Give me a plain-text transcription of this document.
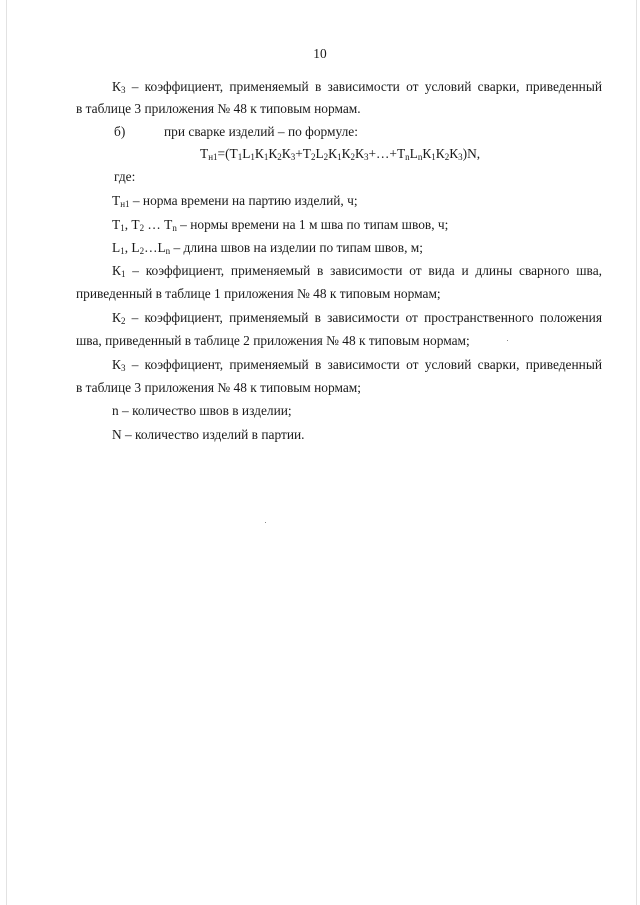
10
$К_3$ – коэффициент, применяемый в зависимости от условий сварки, приведенный
в таблице 3 приложения № 48 к типовым нормам.
б)	при сварке изделий – по формуле:
$Т_{н1}=(Т_1L_1К_1К_2К_3+Т_2L_2К_1К_2К_3+\dots+Т_nL_nК_1К_2К_3)N$,
где:
$Т_{н1}$ – норма времени на партию изделий, ч;
$Т_1$, $Т_2$ … $Т_n$ – нормы времени на 1 м шва по типам швов, ч;
$L_1$, $L_2\dots L_n$ – длина швов на изделии по типам швов, м;
$К_1$ – коэффициент, применяемый в зависимости от вида и длины сварного шва,
приведенный в таблице 1 приложения № 48 к типовым нормам;
$К_2$ – коэффициент, применяемый в зависимости от пространственного положения
шва, приведенный в таблице 2 приложения № 48 к типовым нормам;
$К_3$ – коэффициент, применяемый в зависимости от условий сварки, приведенный
в таблице 3 приложения № 48 к типовым нормам;
n – количество швов в изделии;
N – количество изделий в партии.
